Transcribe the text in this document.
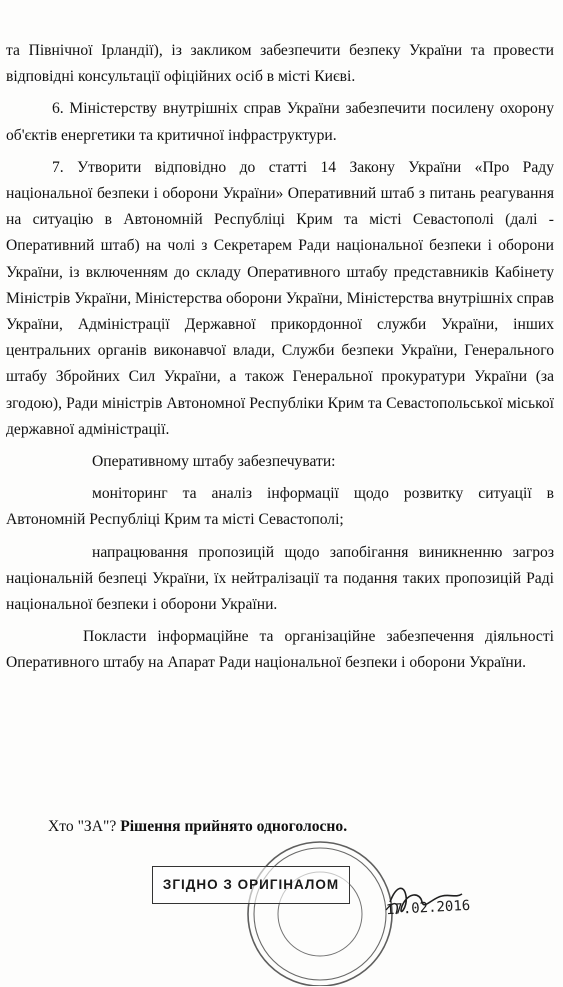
та Північної Ірландії), із закликом забезпечити безпеку України та провести відповідні консультації офіційних осіб в місті Києві.

6. Міністерству внутрішніх справ України забезпечити посилену охорону об'єктів енергетики та критичної інфраструктури.

7. Утворити відповідно до статті 14 Закону України «Про Раду національної безпеки і оборони України» Оперативний штаб з питань реагування на ситуацію в Автономній Республіці Крим та місті Севастополі (далі - Оперативний штаб) на чолі з Секретарем Ради національної безпеки і оборони України, із включенням до складу Оперативного штабу представників Кабінету Міністрів України, Міністерства оборони України, Міністерства внутрішніх справ України, Адміністрації Державної прикордонної служби України, інших центральних органів виконавчої влади, Служби безпеки України, Генерального штабу Збройних Сил України, а також Генеральної прокуратури України (за згодою), Ради міністрів Автономної Республіки Крим та Севастопольської міської державної адміністрації.

Оперативному штабу забезпечувати:

моніторинг та аналіз інформації щодо розвитку ситуації в Автономній Республіці Крим та місті Севастополі;

напрацювання пропозицій щодо запобігання виникненню загроз національній безпеці України, їх нейтралізації та подання таких пропозицій Раді національної безпеки і оборони України.

Покласти інформаційне та організаційне забезпечення діяльності Оперативного штабу на Апарат Ради національної безпеки і оборони України.

Хто "ЗА"? Рішення прийнято одноголосно.
ЗГІДНО З ОРИГІНАЛОМ
17.02.2016
